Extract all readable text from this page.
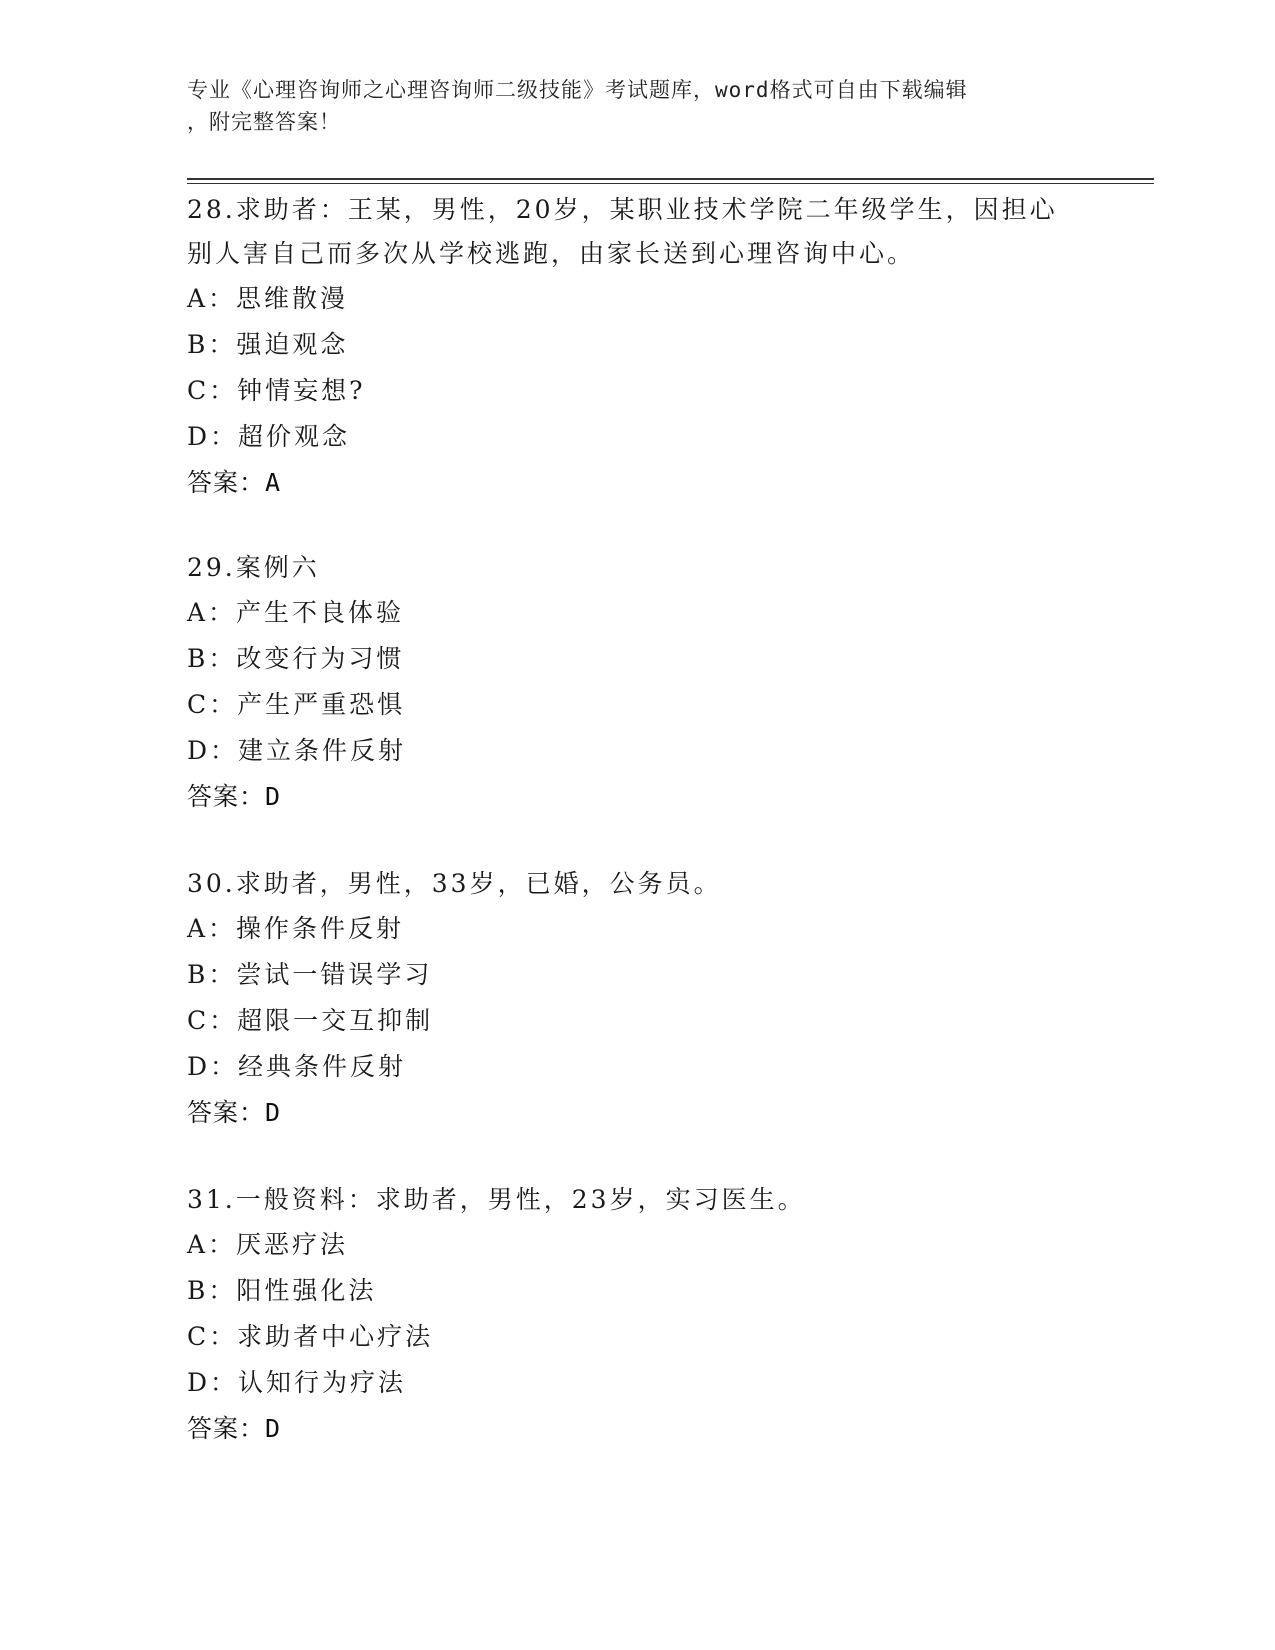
专业《心理咨询师之心理咨询师二级技能》考试题库，word格式可自由下载编辑
，附完整答案！

28.求助者：王某，男性，20岁，某职业技术学院二年级学生，因担心

别人害自己而多次从学校逃跑，由家长送到心理咨询中心。

A：思维散漫

B：强迫观念

C：钟情妄想?

D：超价观念

答案：A

29.案例六

A：产生不良体验

B：改变行为习惯

C：产生严重恐惧

D：建立条件反射

答案：D

30.求助者，男性，33岁，已婚，公务员。

A：操作条件反射

B：尝试一错误学习

C：超限一交互抑制

D：经典条件反射

答案：D

31.一般资料：求助者，男性，23岁，实习医生。

A：厌恶疗法

B：阳性强化法

C：求助者中心疗法

D：认知行为疗法

答案：D
